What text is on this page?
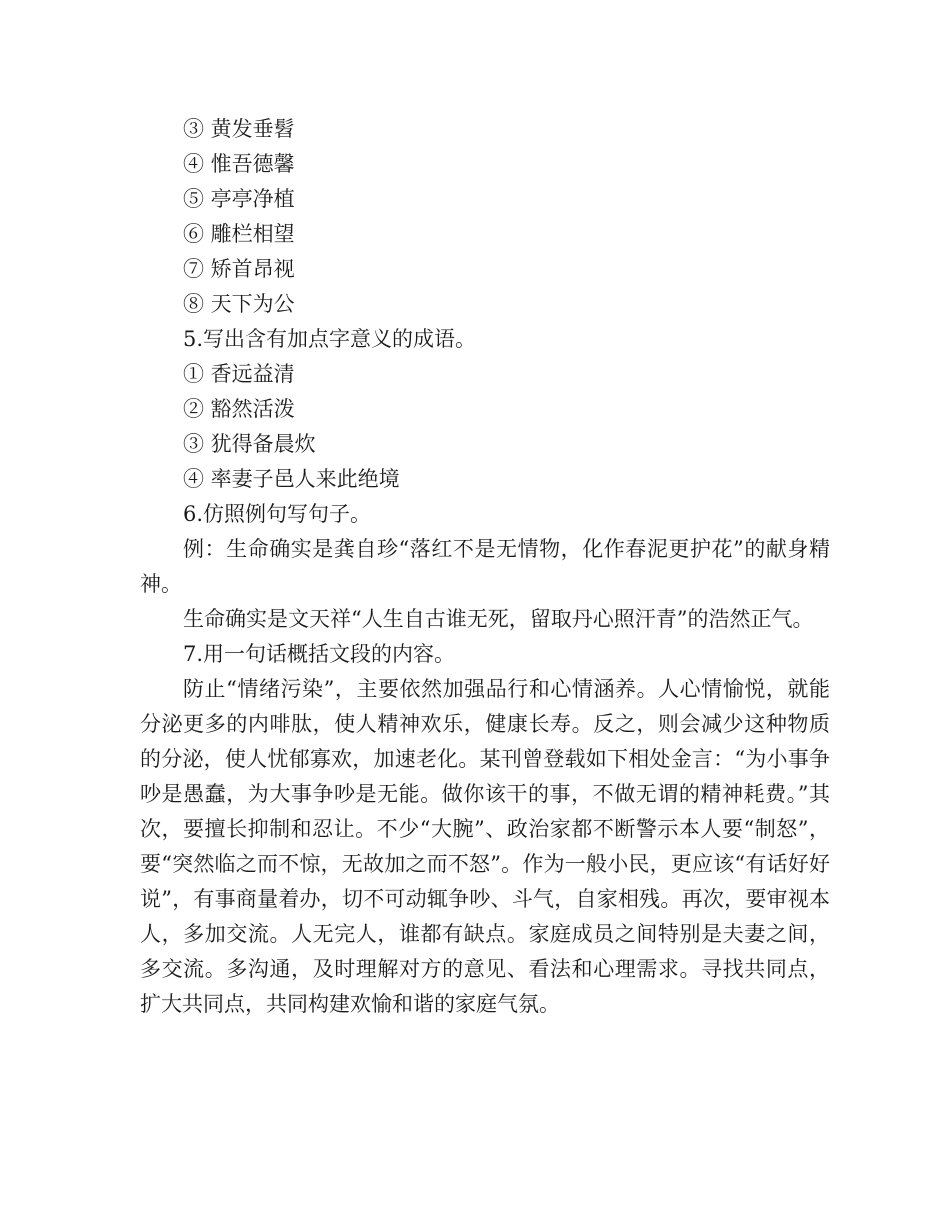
③ 黄发垂髫

④ 惟吾德馨

⑤ 亭亭净植

⑥ 雕栏相望

⑦ 矫首昂视

⑧ 天下为公

5.写出含有加点字意义的成语。

① 香远益清

② 豁然活泼

③ 犹得备晨炊

④ 率妻子邑人来此绝境

6.仿照例句写句子。

例：生命确实是龚自珍“落红不是无情物，化作春泥更护花”的献身精神。

生命确实是文天祥“人生自古谁无死，留取丹心照汗青”的浩然正气。

7.用一句话概括文段的内容。

防止“情绪污染”，主要依然加强品行和心情涵养。人心情愉悦，就能分泌更多的内啡肽，使人精神欢乐，健康长寿。反之，则会减少这种物质的分泌，使人忧郁寡欢，加速老化。某刊曾登载如下相处金言：“为小事争吵是愚蠢，为大事争吵是无能。做你该干的事，不做无谓的精神耗费。”其次，要擅长抑制和忍让。不少“大腕”、政治家都不断警示本人要“制怒”，要“突然临之而不惊，无故加之而不怒”。作为一般小民，更应该“有话好好说”，有事商量着办，切不可动辄争吵、斗气，自家相残。再次，要审视本人，多加交流。人无完人，谁都有缺点。家庭成员之间特别是夫妻之间，多交流。多沟通，及时理解对方的意见、看法和心理需求。寻找共同点，扩大共同点，共同构建欢愉和谐的家庭气氛。
